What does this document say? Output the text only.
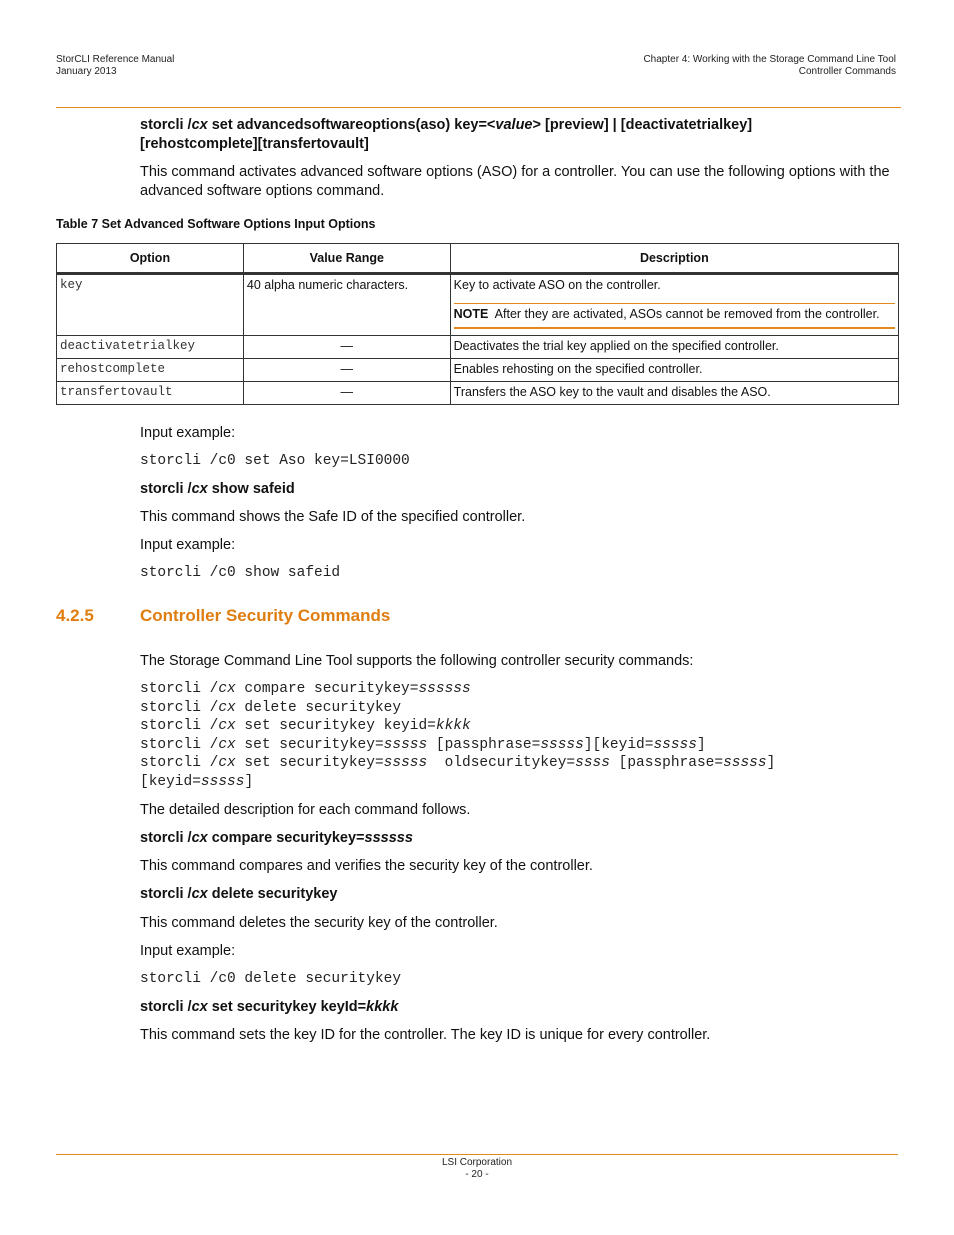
StorCLI Reference Manual
January 2013
Chapter 4: Working with the Storage Command Line Tool
Controller Commands
storcli /cx set advancedsoftwareoptions(aso) key=<value> [preview] | [deactivatetrialkey]
[rehostcomplete][transfertovault]
This command activates advanced software options (ASO) for a controller. You can use the following options with the advanced software options command.
Table 7 Set Advanced Software Options Input Options
Option	Value Range	Description
key	40 alpha numeric characters.	Key to activate ASO on the controller.
NOTE After they are activated, ASOs cannot be removed from the controller.

deactivatetrialkey	—	Deactivates the trial key applied on the specified controller.
rehostcomplete	—	Enables rehosting on the specified controller.
transfertovault	—	Transfers the ASO key to the vault and disables the ASO.
Input example:
storcli /c0 set Aso key=LSI0000
storcli /cx show safeid
This command shows the Safe ID of the specified controller.
Input example:
storcli /c0 show safeid
4.2.5	Controller Security Commands
The Storage Command Line Tool supports the following controller security commands:
storcli /cx compare securitykey=ssssss
storcli /cx delete securitykey
storcli /cx set securitykey keyid=kkkk
storcli /cx set securitykey=sssss [passphrase=sssss][keyid=sssss]
storcli /cx set securitykey=sssss  oldsecuritykey=ssss [passphrase=sssss]
[keyid=sssss]
The detailed description for each command follows.
storcli /cx compare securitykey=ssssss
This command compares and verifies the security key of the controller.
storcli /cx delete securitykey
This command deletes the security key of the controller.
Input example:
storcli /c0 delete securitykey
storcli /cx set securitykey keyId=kkkk
This command sets the key ID for the controller. The key ID is unique for every controller.
LSI Corporation
- 20 -
